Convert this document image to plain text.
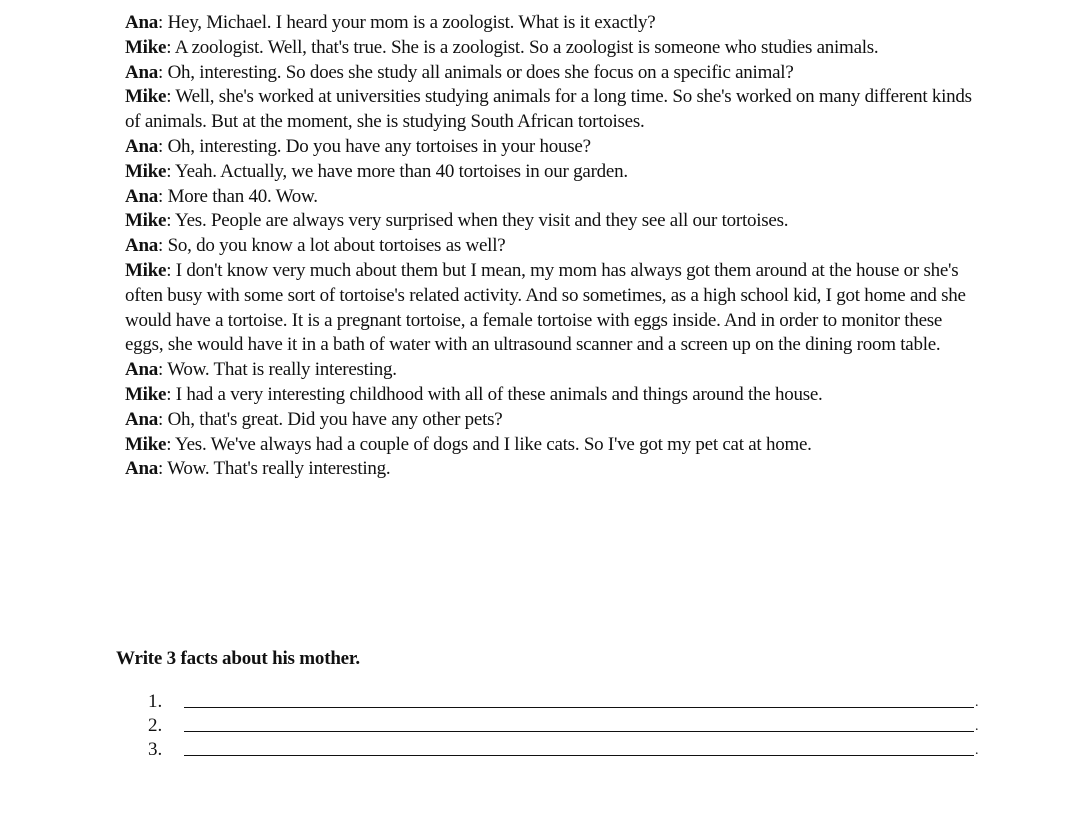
Ana: Hey, Michael. I heard your mom is a zoologist. What is it exactly?

Mike: A zoologist. Well, that's true. She is a zoologist. So a zoologist is someone who studies animals.

Ana: Oh, interesting. So does she study all animals or does she focus on a specific animal?

Mike: Well, she's worked at universities studying animals for a long time. So she's worked on many different kinds of animals. But at the moment, she is studying South African tortoises.

Ana: Oh, interesting. Do you have any tortoises in your house?

Mike: Yeah. Actually, we have more than 40 tortoises in our garden.

Ana: More than 40. Wow.

Mike: Yes. People are always very surprised when they visit and they see all our tortoises.

Ana: So, do you know a lot about tortoises as well?

Mike: I don't know very much about them but I mean, my mom has always got them around at the house or she's often busy with some sort of tortoise's related activity. And so sometimes, as a high school kid, I got home and she would have a tortoise. It is a pregnant tortoise, a female tortoise with eggs inside. And in order to monitor these eggs, she would have it in a bath of water with an ultrasound scanner and a screen up on the dining room table.

Ana: Wow. That is really interesting.

Mike: I had a very interesting childhood with all of these animals and things around the house.

Ana: Oh, that's great. Did you have any other pets?

Mike: Yes. We've always had a couple of dogs and I like cats. So I've got my pet cat at home.

Ana: Wow. That's really interesting.

Write 3 facts about his mother.

1.	.
2.	.
3.	.
